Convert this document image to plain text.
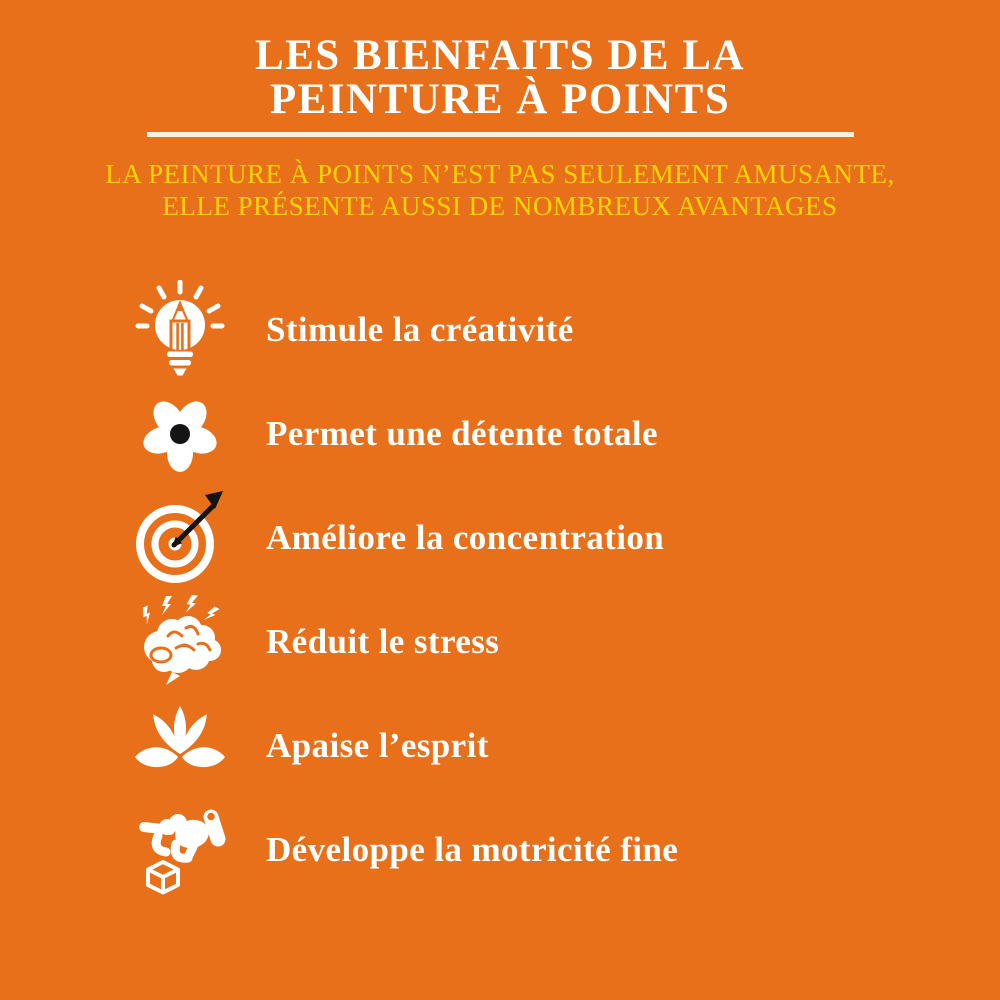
LES BIENFAITS DE LA
PEINTURE À POINTS

LA PEINTURE À POINTS N’EST PAS SEULEMENT AMUSANTE,
ELLE PRÉSENTE AUSSI DE NOMBREUX AVANTAGES

Stimule la créativité
Permet une détente totale
Améliore la concentration
Réduit le stress
Apaise l’esprit
Développe la motricité fine
